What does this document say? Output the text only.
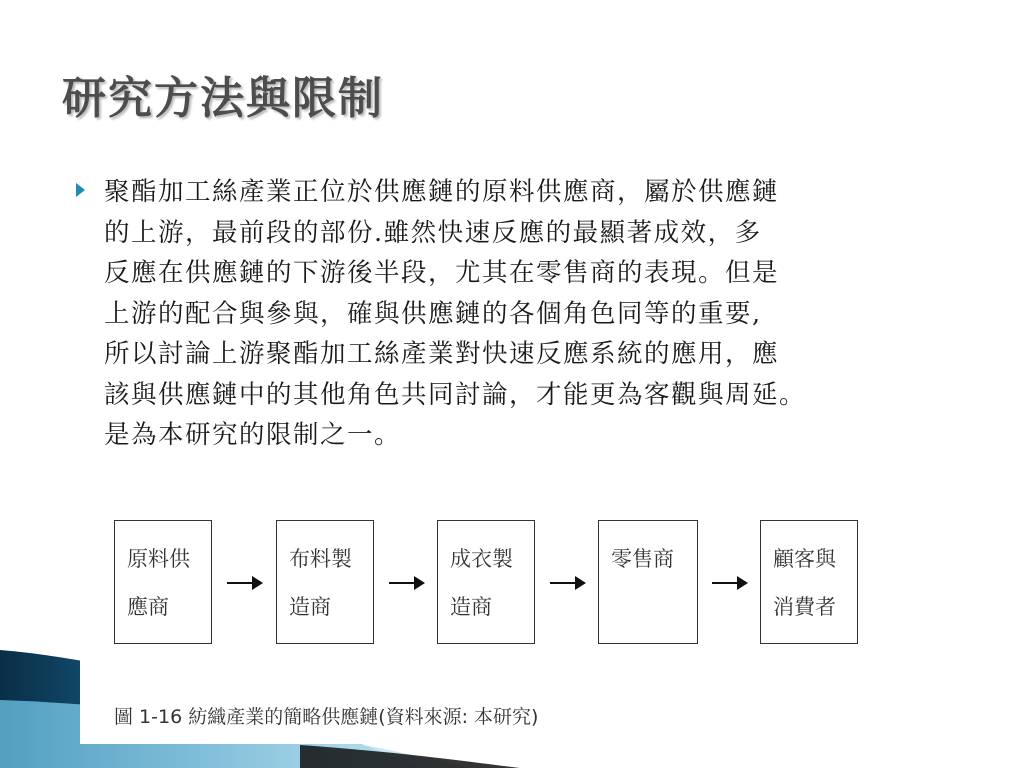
研究方法與限制
聚酯加工絲產業正位於供應鏈的原料供應商，屬於供應鏈
的上游，最前段的部份.雖然快速反應的最顯著成效，多
反應在供應鏈的下游後半段，尤其在零售商的表現。但是
上游的配合與參與，確與供應鏈的各個角色同等的重要,
所以討論上游聚酯加工絲產業對快速反應系統的應用，應
該與供應鏈中的其他角色共同討論，才能更為客觀與周延。
是為本研究的限制之一。
原料供
應商
布料製
造商
成衣製
造商
零售商	顧客與
消費者
圖 1-16 紡織產業的簡略供應鏈(資料來源: 本研究)
